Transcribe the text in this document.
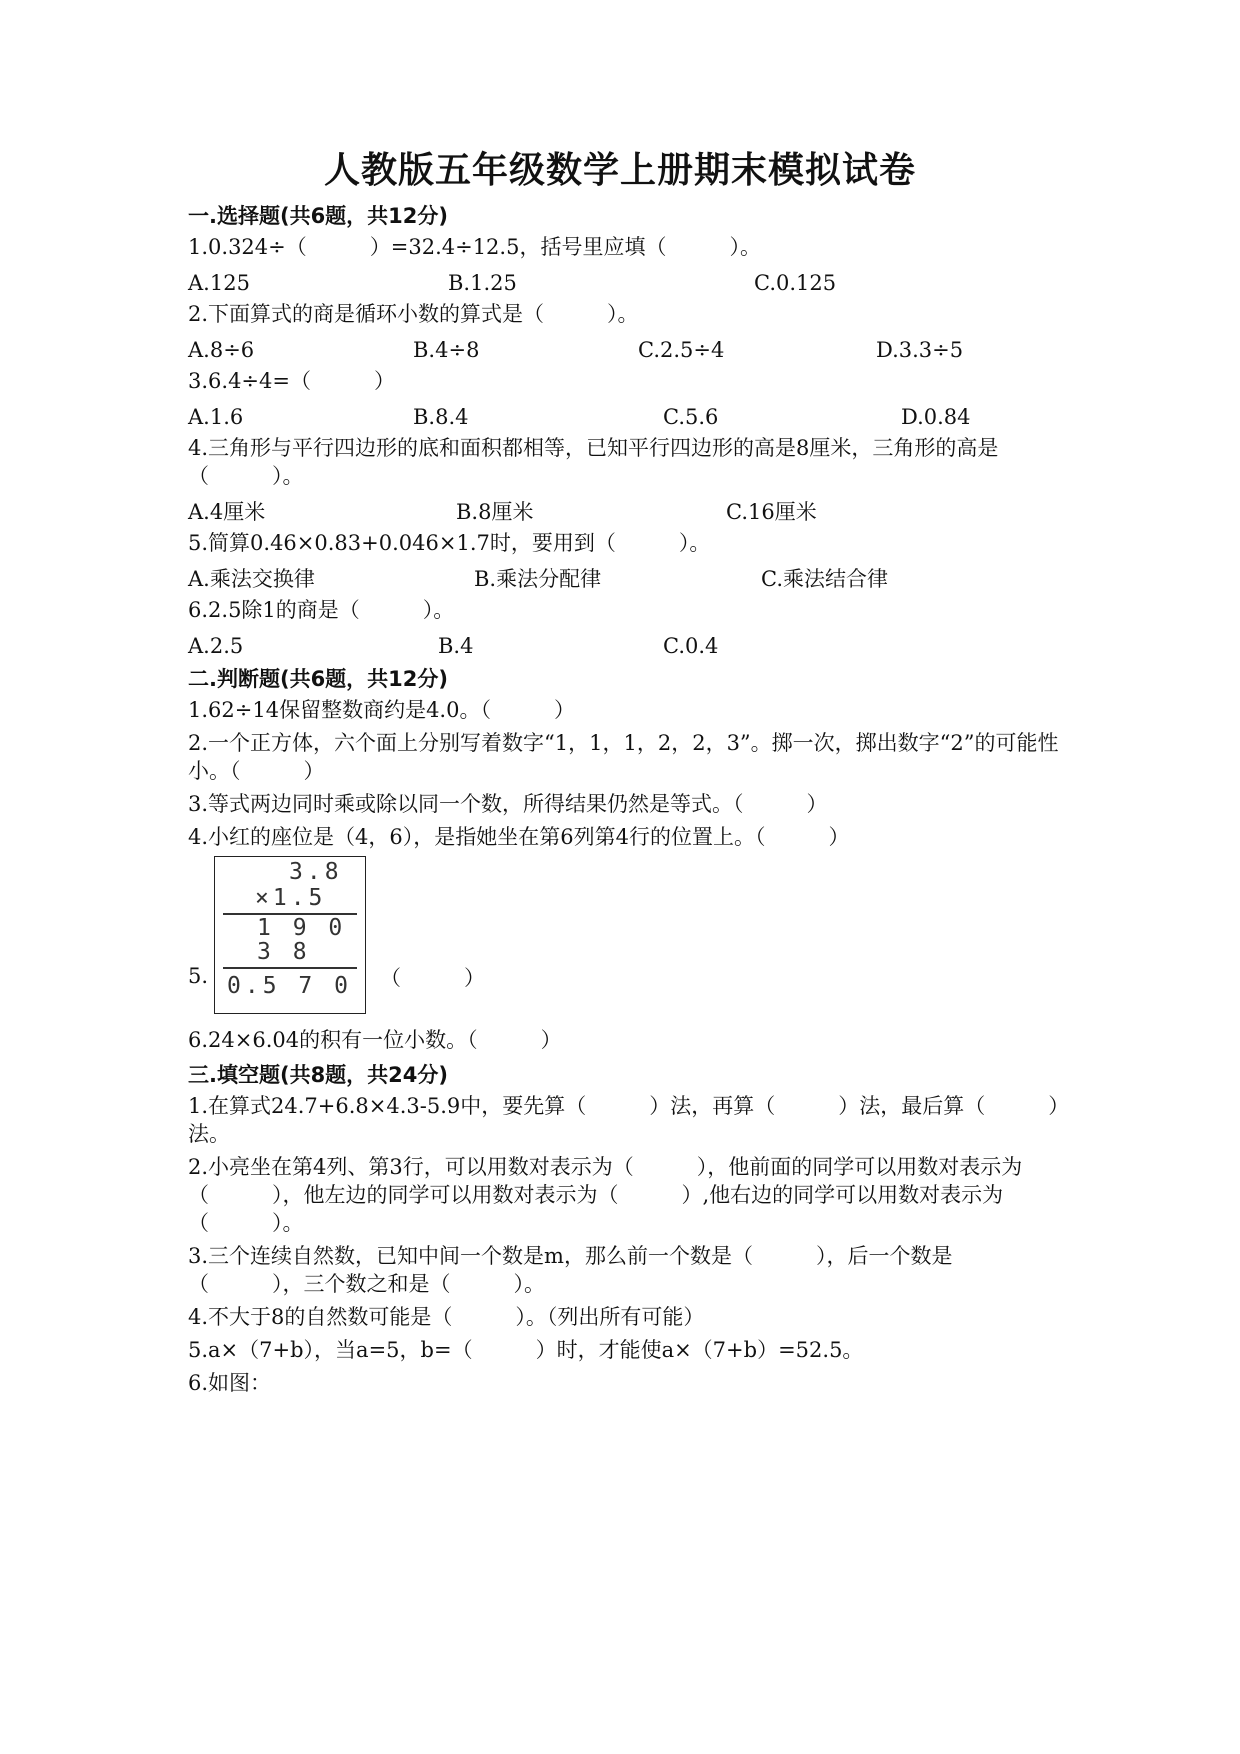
人教版五年级数学上册期末模拟试卷
一.选择题(共6题，共12分)
1.0.324÷（　　　）=32.4÷12.5，括号里应填（　　　）。
A.125	B.1.25	C.0.125
2.下面算式的商是循环小数的算式是（　　　）。
A.8÷6	B.4÷8	C.2.5÷4	D.3.3÷5
3.6.4÷4=（　　　）
A.1.6	B.8.4	C.5.6	D.0.84
4.三角形与平行四边形的底和面积都相等，已知平行四边形的高是8厘米，三角形的高是（　　　）。
A.4厘米	B.8厘米	C.16厘米
5.简算0.46×0.83+0.046×1.7时，要用到（　　　）。
A.乘法交换律	B.乘法分配律	C.乘法结合律
6.2.5除1的商是（　　　）。
A.2.5	B.4	C.0.4
二.判断题(共6题，共12分)
1.62÷14保留整数商约是4.0。（　　　）
2.一个正方体，六个面上分别写着数字“1，1，1，2，2，3”。掷一次，掷出数字“2”的可能性小。（　　　）
3.等式两边同时乘或除以同一个数，所得结果仍然是等式。（　　　）
4.小红的座位是（4，6），是指她坐在第6列第4行的位置上。（　　　）
5.
3.8
×1.5
1 9 0
3 8
0.5 7 0 （　　　）
6.24×6.04的积有一位小数。（　　　）
三.填空题(共8题，共24分)
1.在算式24.7+6.8×4.3-5.9中，要先算（　　　）法，再算（　　　）法，最后算（　　　）法。
2.小亮坐在第4列、第3行，可以用数对表示为（　　　），他前面的同学可以用数对表示为（　　　），他左边的同学可以用数对表示为（　　　）,他右边的同学可以用数对表示为（　　　）。
3.三个连续自然数，已知中间一个数是m，那么前一个数是（　　　），后一个数是（　　　），三个数之和是（　　　）。
4.不大于8的自然数可能是（　　　）。（列出所有可能）
5.a×（7+b），当a=5，b=（　　　）时，才能使a×（7+b）=52.5。
6.如图：
